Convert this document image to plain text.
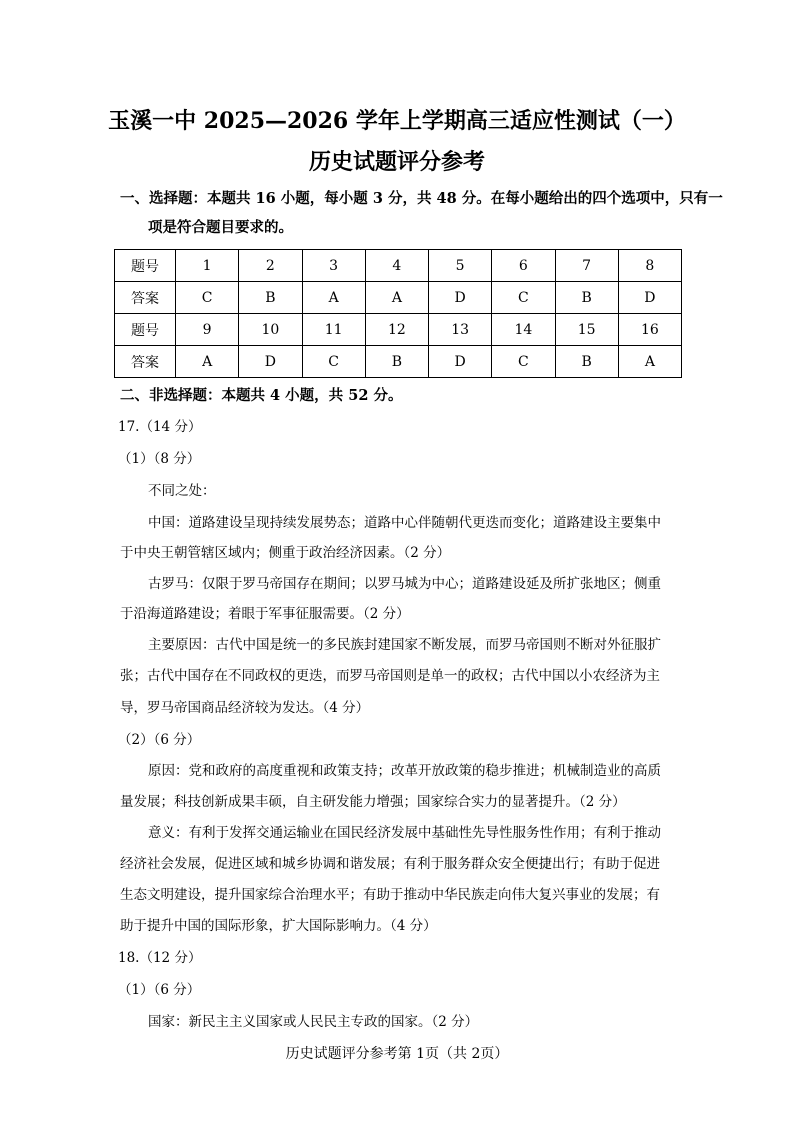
玉溪一中 2025—2026 学年上学期高三适应性测试（一）
历史试题评分参考
一、选择题：本题共 16 小题，每小题 3 分，共 48 分。在每小题给出的四个选项中，只有一
项是符合题目要求的。
题号	1	2	3	4	5	6	7	8
答案	C	B	A	A	D	C	B	D
题号	9	10	11	12	13	14	15	16
答案	A	D	C	B	D	C	B	A
二、非选择题：本题共 4 小题，共 52 分。
17.（14 分）
（1）（8 分）
不同之处：
中国：道路建设呈现持续发展势态；道路中心伴随朝代更迭而变化；道路建设主要集中
于中央王朝管辖区域内；侧重于政治经济因素。（2 分）
古罗马：仅限于罗马帝国存在期间；以罗马城为中心；道路建设延及所扩张地区；侧重
于沿海道路建设；着眼于军事征服需要。（2 分）
主要原因：古代中国是统一的多民族封建国家不断发展，而罗马帝国则不断对外征服扩
张；古代中国存在不同政权的更迭，而罗马帝国则是单一的政权；古代中国以小农经济为主
导，罗马帝国商品经济较为发达。（4 分）
（2）（6 分）
原因：党和政府的高度重视和政策支持；改革开放政策的稳步推进；机械制造业的高质
量发展；科技创新成果丰硕，自主研发能力增强；国家综合实力的显著提升。（2 分）
意义：有利于发挥交通运输业在国民经济发展中基础性先导性服务性作用；有利于推动
经济社会发展，促进区域和城乡协调和谐发展；有利于服务群众安全便捷出行；有助于促进
生态文明建设，提升国家综合治理水平；有助于推动中华民族走向伟大复兴事业的发展；有
助于提升中国的国际形象，扩大国际影响力。（4 分）
18.（12 分）
（1）（6 分）
国家：新民主主义国家或人民民主专政的国家。（2 分）
历史试题评分参考第 1页（共 2页）
